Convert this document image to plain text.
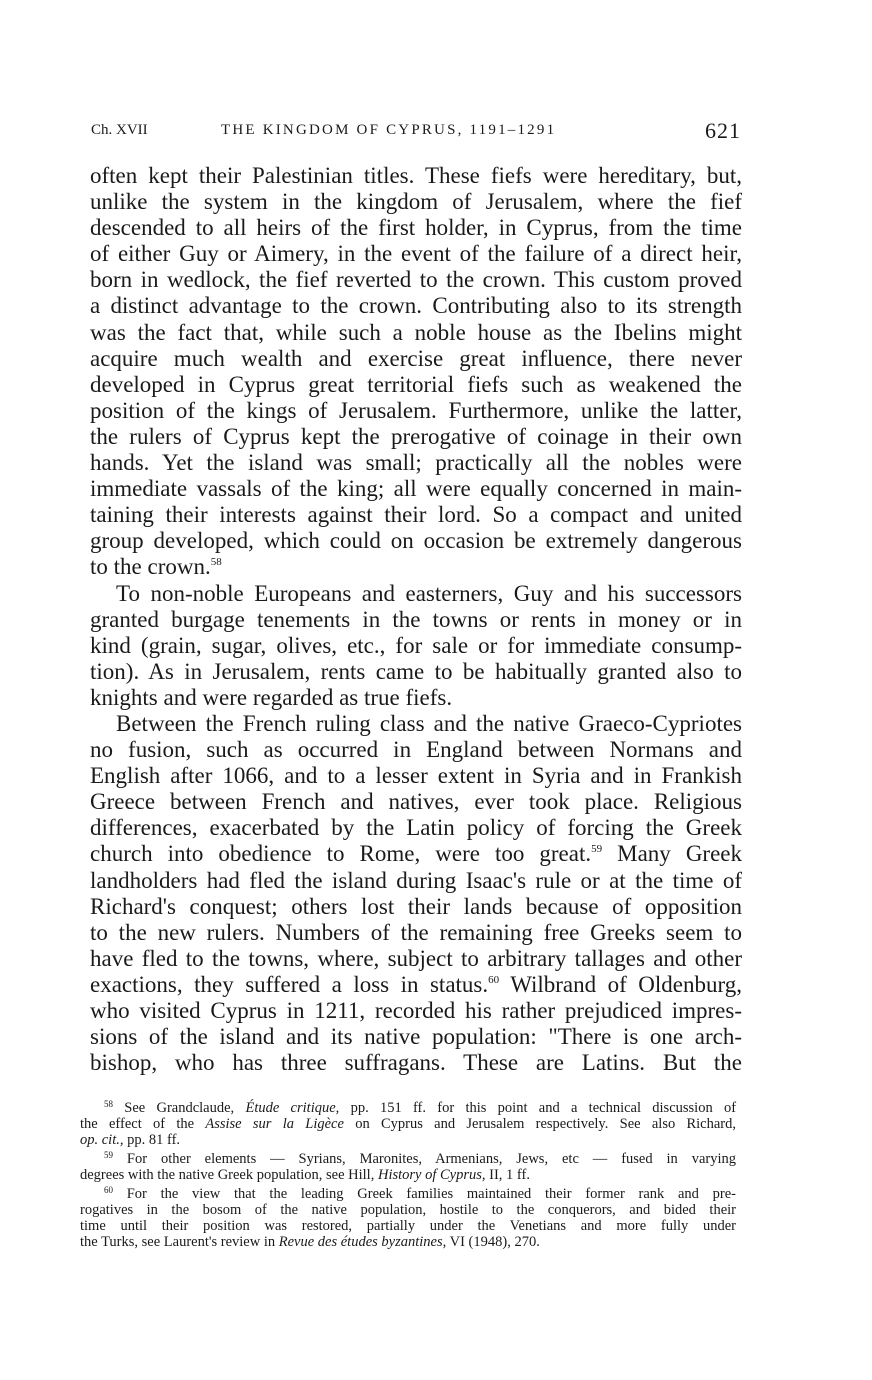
Ch. XVII	THE KINGDOM OF CYPRUS, 1191–1291	621
often kept their Palestinian titles. These fiefs were hereditary, but,
unlike the system in the kingdom of Jerusalem, where the fief
descended to all heirs of the first holder, in Cyprus, from the time
of either Guy or Aimery, in the event of the failure of a direct heir,
born in wedlock, the fief reverted to the crown. This custom proved
a distinct advantage to the crown. Contributing also to its strength
was the fact that, while such a noble house as the Ibelins might
acquire much wealth and exercise great influence, there never
developed in Cyprus great territorial fiefs such as weakened the
position of the kings of Jerusalem. Furthermore, unlike the latter,
the rulers of Cyprus kept the prerogative of coinage in their own
hands. Yet the island was small; practically all the nobles were
immediate vassals of the king; all were equally concerned in main-
taining their interests against their lord. So a compact and united
group developed, which could on occasion be extremely dangerous
to the crown.$^{58}$
To non-noble Europeans and easterners, Guy and his successors
granted burgage tenements in the towns or rents in money or in
kind (grain, sugar, olives, etc., for sale or for immediate consump-
tion). As in Jerusalem, rents came to be habitually granted also to
knights and were regarded as true fiefs.
Between the French ruling class and the native Graeco-Cypriotes
no fusion, such as occurred in England between Normans and
English after 1066, and to a lesser extent in Syria and in Frankish
Greece between French and natives, ever took place. Religious
differences, exacerbated by the Latin policy of forcing the Greek
church into obedience to Rome, were too great.$^{59}$ Many Greek
landholders had fled the island during Isaac's rule or at the time of
Richard's conquest; others lost their lands because of opposition
to the new rulers. Numbers of the remaining free Greeks seem to
have fled to the towns, where, subject to arbitrary tallages and other
exactions, they suffered a loss in status.$^{60}$ Wilbrand of Oldenburg,
who visited Cyprus in 1211, recorded his rather prejudiced impres-
sions of the island and its native population: "There is one arch-
bishop, who has three suffragans. These are Latins. But the
$^{58}$ See Grandclaude, Étude critique, pp. 151 ff. for this point and a technical discussion of
the effect of the Assise sur la Ligèce on Cyprus and Jerusalem respectively. See also Richard,
op. cit., pp. 81 ff.
$^{59}$ For other elements — Syrians, Maronites, Armenians, Jews, etc — fused in varying
degrees with the native Greek population, see Hill, History of Cyprus, II, 1 ff.
$^{60}$ For the view that the leading Greek families maintained their former rank and pre-
rogatives in the bosom of the native population, hostile to the conquerors, and bided their
time until their position was restored, partially under the Venetians and more fully under
the Turks, see Laurent's review in Revue des études byzantines, VI (1948), 270.
